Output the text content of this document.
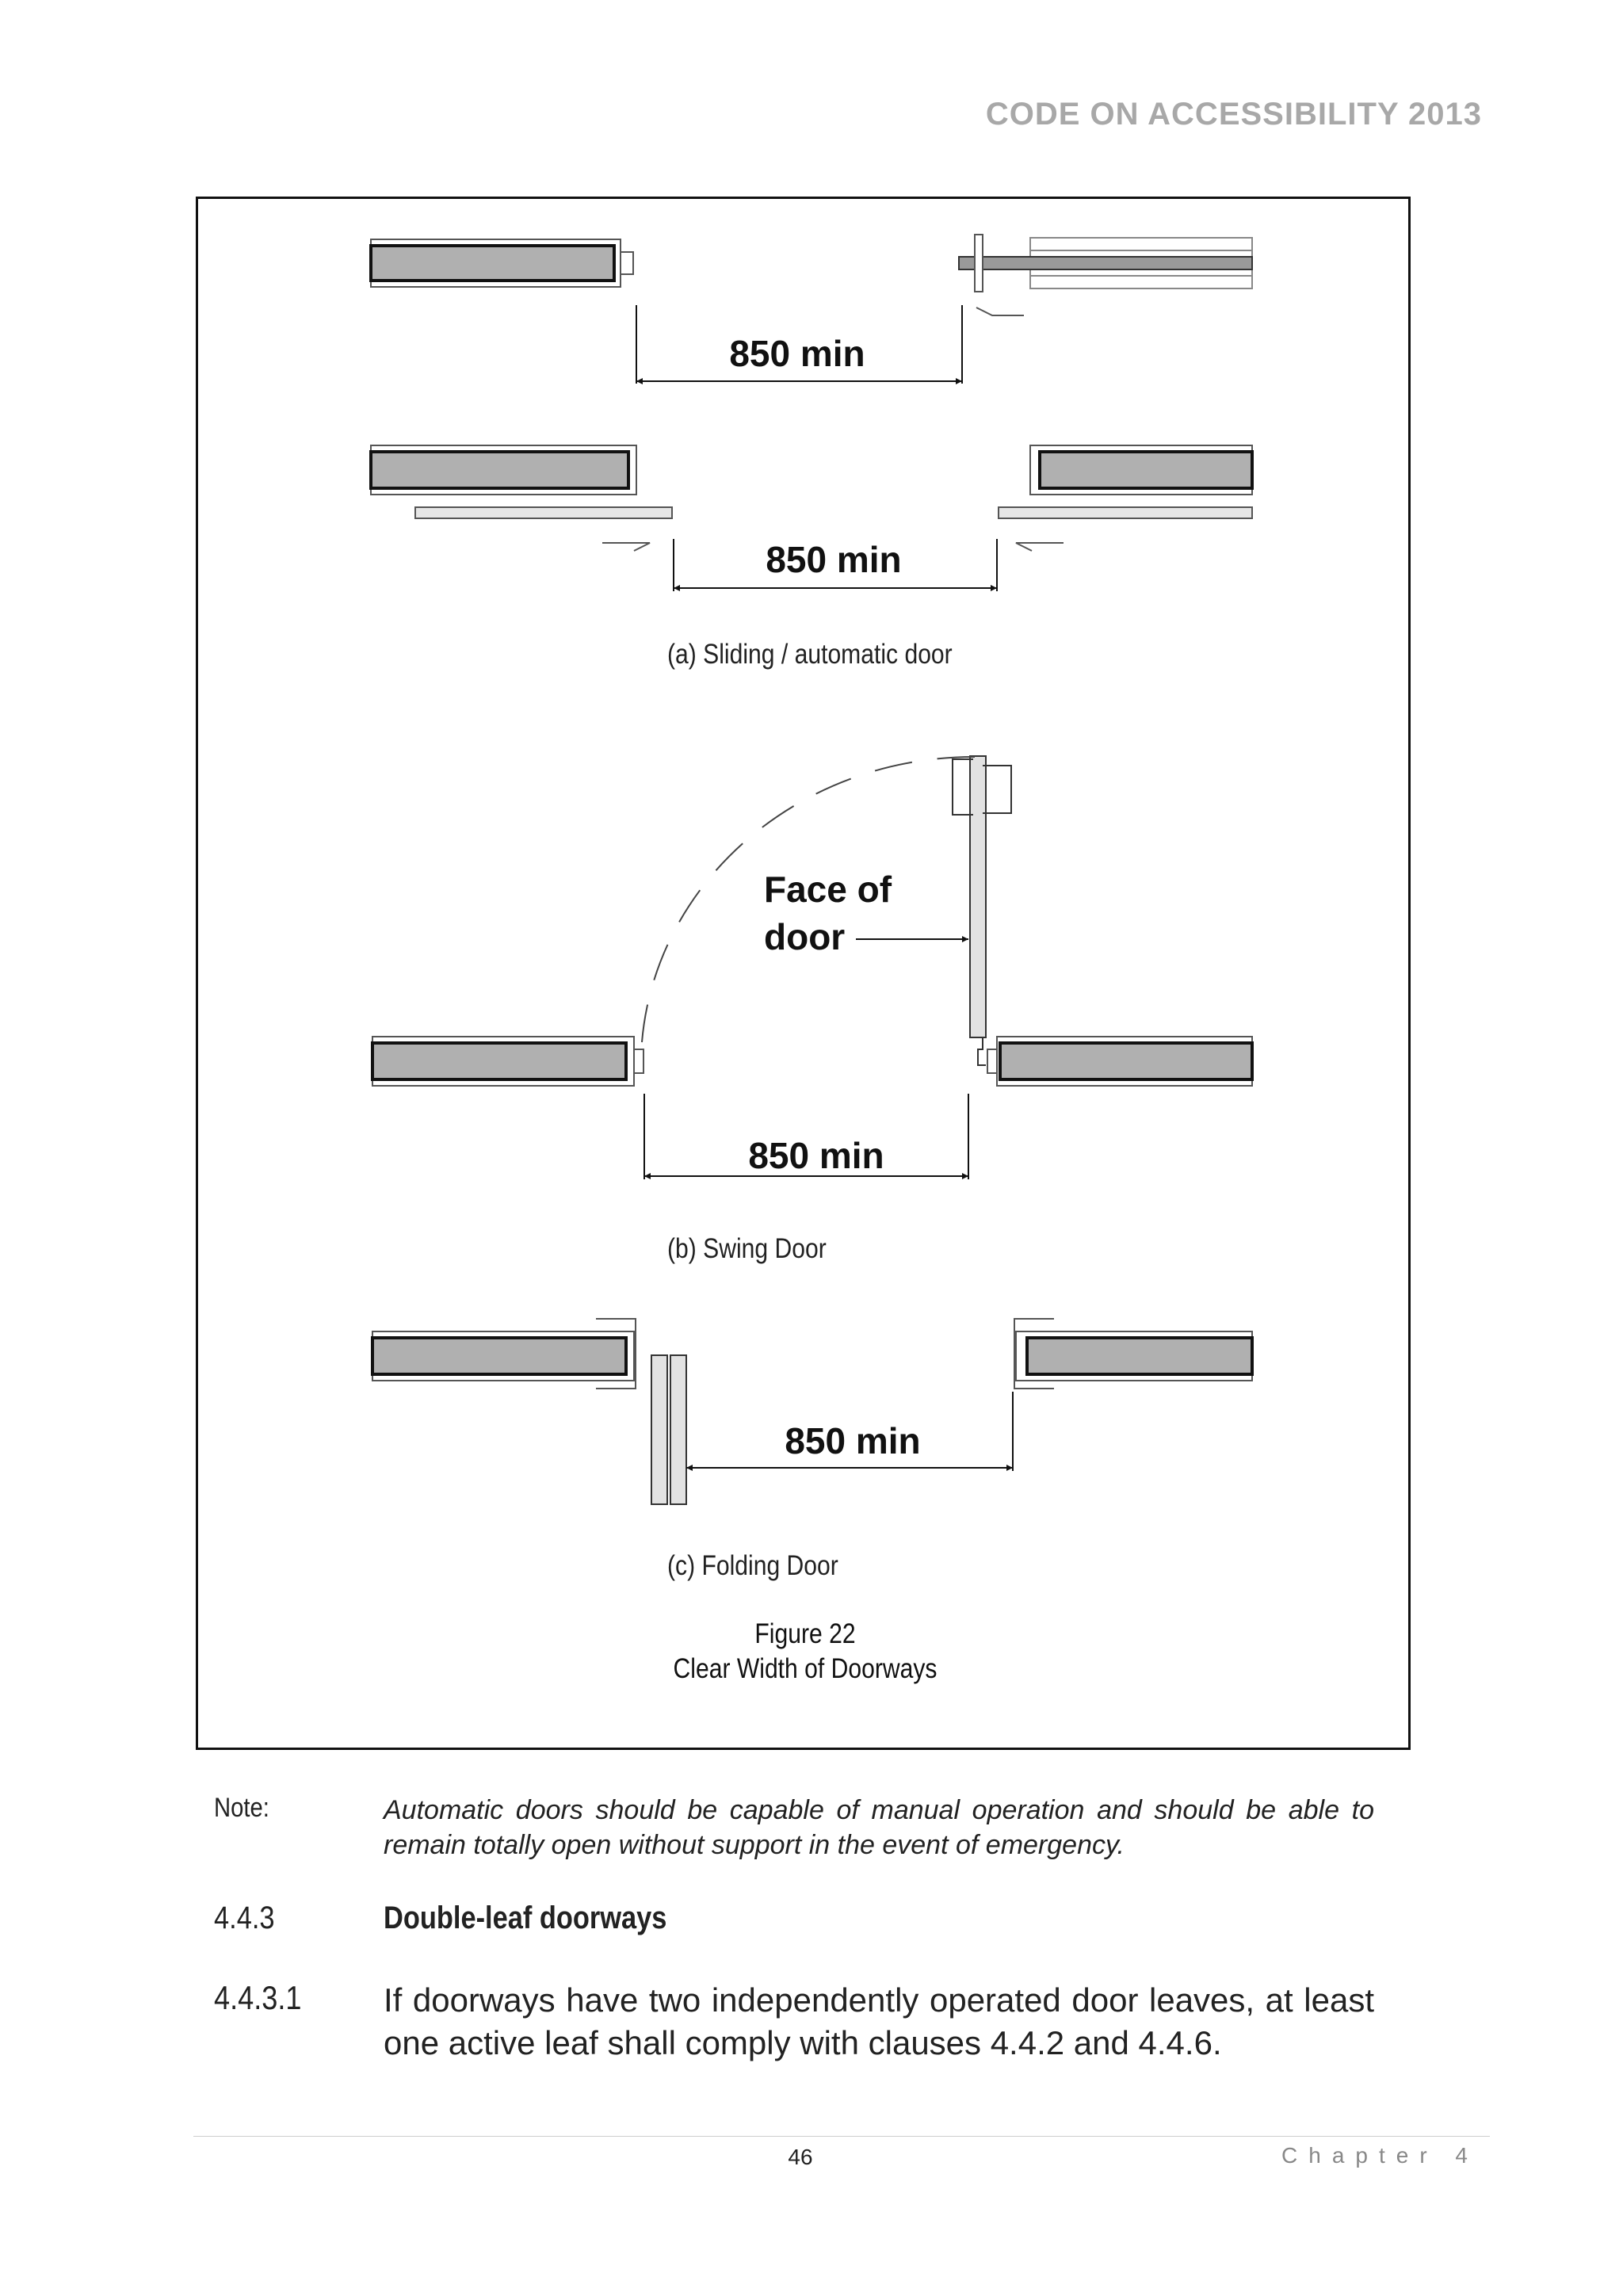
CODE ON ACCESSIBILITY 2013
850 min
850 min
850 min
850 min
Face of
door
(a) Sliding / automatic door
(b) Swing Door
(c) Folding Door
Figure 22
Clear Width of Doorways
Note:	Automatic doors should be capable of manual operation and should be able to remain totally open without support in the event of emergency.
4.4.3	Double-leaf doorways
4.4.3.1 If doorways have two independently operated door leaves, at least one active leaf shall comply with clauses 4.4.2 and 4.4.6.
46	Chapter 4
